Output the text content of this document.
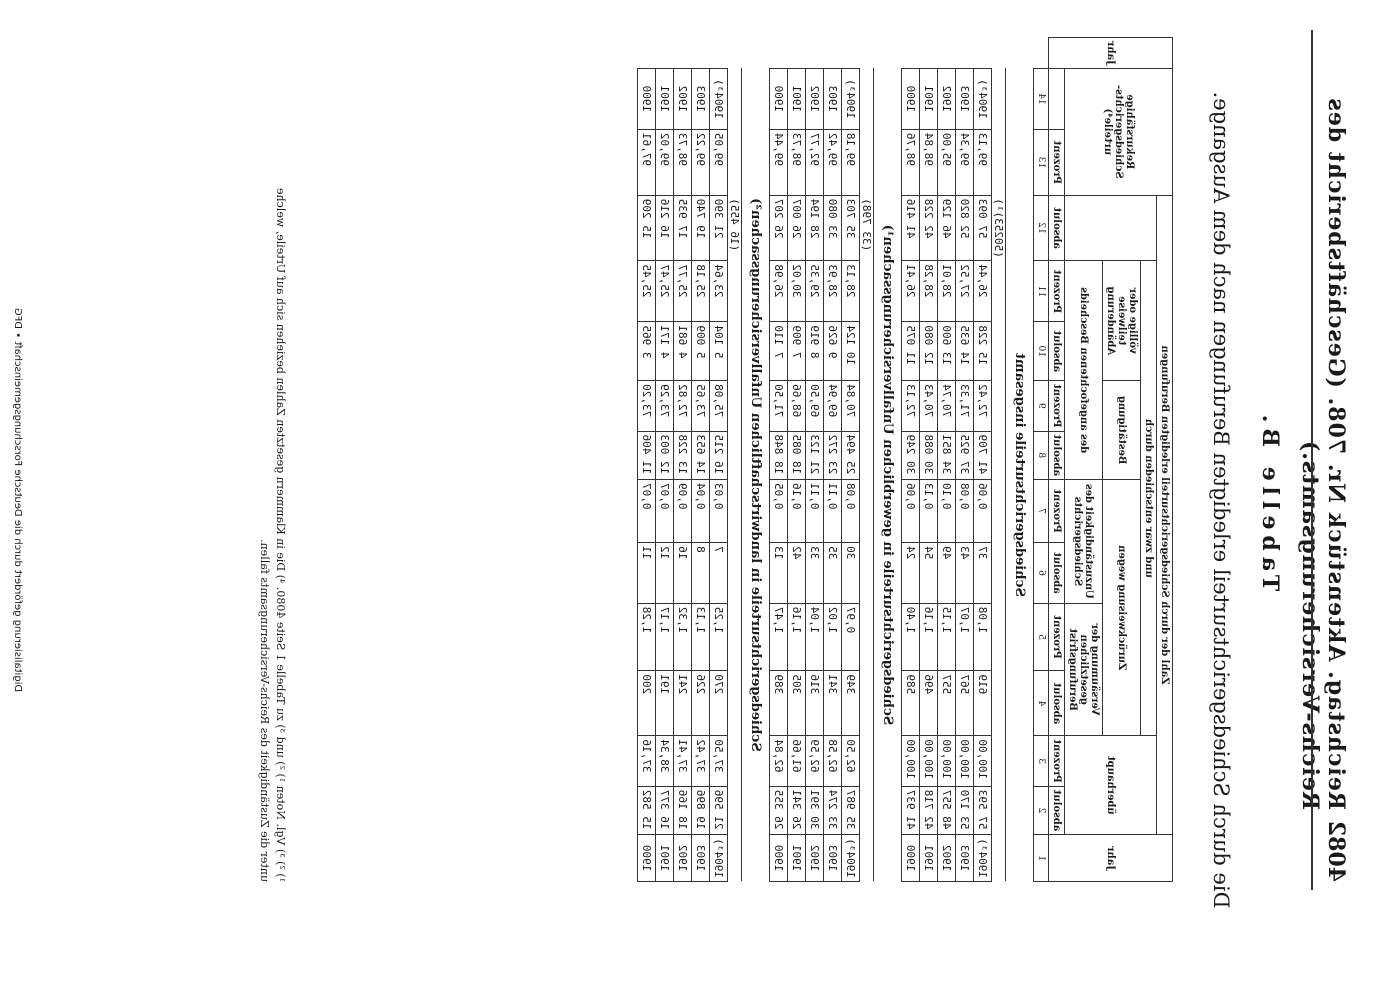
4082
Reichstag. Aktenstück Nr. 708. (Geschäftsbericht des Reichs-Versicherungsamts.)
Tabelle B.
Die durch Schiedsgerichtsurteil erledigten Berufungen nach dem Ausgange.
Jahr	Zahl der durch Schiedsgerichtsurteil erledigten Berufungen											Rekursfähige Schiedsgerichts-urteile⁴)		Jahr
	überhaupt		und zwar entschieden durch											
			Zurückweisung wegen				Bestätigung		völlige oder teilweise Abänderung					
			Versäumung der gesetzlichen Berufungsfrist		Unzuständigkeit des Schiedsgerichts		des angefochtenen Bescheids							
	absolut	Prozent	absolut	Prozent	absolut	Prozent	absolut	Prozent	absolut	Prozent	absolut	Prozent		
1	2	3	4	5	6	7	8	9	10	11	12	13	14	
Schiedsgerichtsurteile insgesamt														
											(50253)¹)			
1904³)	57 593	100,00	619	1,08	37	0,06	41 709	72,42	15 228	26,44	57 093	99,13	1904³)	
1903	53 170	100,00	567	1,07	43	0,08	37 925	71,33	14 635	27,52	52 820	99,34	1903	
1902	48 557	100,00	557	1,15	49	0,10	34 851	70,74	13 600	28,01	46 129	95,00	1902	
1901	42 718	100,00	496	1,16	54	0,13	30 088	70,43	12 080	28,28	42 228	98,84	1901	
1900	41 937	100,00	589	1,40	24	0,06	30 249	72,13	11 075	26,41	41 416	98,76	1900	
Schiedsgerichtsurteile in gewerblichen Unfallversicherungssachen¹)														
											(33 798)			
1904³)	35 987	62,50	349	0,97	30	0,08	25 494	70,84	10 124	28,13	35 703	99,18	1904³)	
1903	33 274	62,58	341	1,02	35	0,11	23 272	69,94	9 626	28,93	33 080	99,42	1903	
1902	30 391	62,59	316	1,04	33	0,11	21 123	69,50	8 919	29,35	28 194	92,77	1902	
1901	26 341	61,66	305	1,16	42	0,16	18 085	68,66	7 909	30,02	26 007	98,73	1901	
1900	26 355	62,84	389	1,47	13	0,05	18 848	71,50	7 110	26,98	26 207	99,44	1900	
Schiedsgerichtsurteile in landwirtschaftlichen Unfallversicherungssachen²)														
											(16 455)			
1904³)	21 596	37,50	270	1,25	7	0,03	16 215	75,08	5 104	23,64	21 390	99,05	1904³)	
1903	19 896	37,42	226	1,13	8	0,04	14 653	73,65	5 009	25,18	19 740	99,22	1903	
1902	18 166	37,41	241	1,32	16	0,09	13 228	72,82	4 681	25,77	17 935	98,73	1902	
1901	16 377	38,34	191	1,17	12	0,07	12 003	73,29	4 171	25,47	16 216	99,02	1901	
1900	15 582	37,16	200	1,28	11	0,07	11 406	73,20	3 965	25,45	15 209	97,61	1900	
¹) ²) ³) Vgl. Noten ¹) ²) und ³) zu Tabelle 1 Seite 4080. ⁴) Die in Klammern gesetzten Zahlen beziehen sich auf Urteile, welche
unter die Zuständigkeit des Reichs-Versicherungsamts fallen.
Digitalisierung gefördert durch die Deutsche Forschungsgemeinschaft • DFG
